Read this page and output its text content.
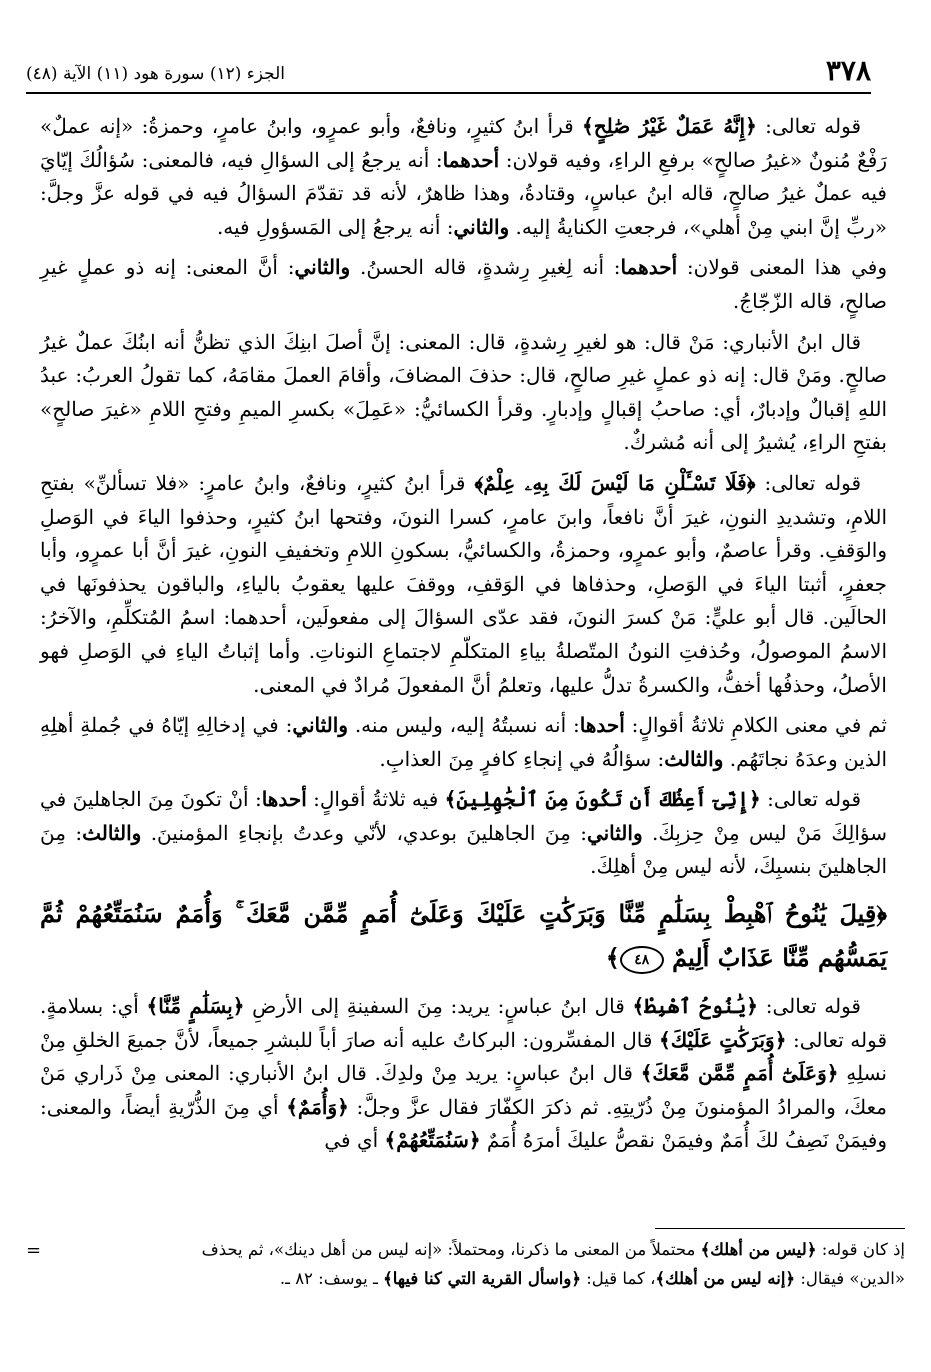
٣٧٨
الجزء (١٢) سورة هود (١١) الآية (٤٨)

قوله تعالى: ﴿إِنَّهُ عَمَلٌ غَيْرُ صَٰلِحٍ﴾ قرأ ابنُ كثيرٍ، ونافعٌ، وأبو عمرٍو، وابنُ عامرٍ، وحمزةُ: «إنه عملٌ» رَفْعٌ مُنونٌ «غيرُ صالحٍ» برفعِ الراءِ، وفيه قولان: أحدهما: أنه يرجعُ إلى السؤالِ فيه، فالمعنى: سُؤالُكَ إيّايَ فيه عملٌ غيرُ صالحٍ، قاله ابنُ عباسٍ، وقتادةُ، وهذا ظاهرٌ، لأنه قد تقدّمَ السؤالُ فيه في قوله عزَّ وجلَّ: «ربِّ إنَّ ابني مِنْ أهلي»، فرجعتِ الكنايةُ إليه. والثاني: أنه يرجعُ إلى المَسؤولِ فيه.

وفي هذا المعنى قولان: أحدهما: أنه لِغيرِ رِشدةٍ، قاله الحسنُ. والثاني: أنَّ المعنى: إنه ذو عملٍ غيرِ صالحٍ، قاله الزّجّاجُ.

قال ابنُ الأنباري: مَنْ قال: هو لغيرِ رِشدةٍ، قال: المعنى: إنَّ أصلَ ابنِكَ الذي تظنُّ أنه ابنُكَ عملٌ غيرُ صالحٍ. ومَنْ قال: إنه ذو عملٍ غيرِ صالحٍ، قال: حذفَ المضافَ، وأقامَ العملَ مقامَهُ، كما تقولُ العربُ: عبدُ اللهِ إقبالٌ وإدبارٌ، أي: صاحبُ إقبالٍ وإدبارٍ. وقرأ الكسائيُّ: «عَمِلَ» بكسرِ الميمِ وفتحِ اللامِ «غيرَ صالحٍ» بفتحِ الراءِ، يُشيرُ إلى أنه مُشركٌ.

قوله تعالى: ﴿فَلَا تَسْـَٔلْنِ مَا لَيْسَ لَكَ بِهِۦ عِلْمٌ﴾ قرأ ابنُ كثيرٍ، ونافعٌ، وابنُ عامرٍ: «فلا تسألنِّ» بفتحِ اللامِ، وتشديدِ النونِ، غيرَ أنَّ نافعاً، وابنَ عامرٍ، كسرا النونَ، وفتحها ابنُ كثيرٍ، وحذفوا الياءَ في الوَصلِ والوَقفِ. وقرأ عاصمٌ، وأبو عمرٍو، وحمزةُ، والكسائيُّ، بسكونِ اللامِ وتخفيفِ النونِ، غيرَ أنَّ أبا عمرٍو، وأبا جعفرٍ، أثبتا الياءَ في الوَصلِ، وحذفاها في الوَقفِ، ووقفَ عليها يعقوبُ بالياءِ، والباقون يحذفونَها في الحالَين. قال أبو عليٍّ: مَنْ كسرَ النونَ، فقد عدّى السؤالَ إلى مفعولَين، أحدهما: اسمُ المُتكلِّمِ، والآخرُ: الاسمُ الموصولُ، وحُذفتِ النونُ المتّصلةُ بياءِ المتكلّمِ لاجتماعِ النوناتِ. وأما إثباتُ الياءِ في الوَصلِ فهو الأصلُ، وحذفُها أخفُّ، والكسرةُ تدلُّ عليها، وتعلمُ أنَّ المفعولَ مُرادٌ في المعنى.

ثم في معنى الكلامِ ثلاثةُ أقوالٍ: أحدها: أنه نسبتُهُ إليه، وليس منه. والثاني: في إدخالِهِ إيّاهُ في جُملةِ أهلِهِ الذين وعدَهُ نجاتَهُم. والثالث: سؤالُهُ في إنجاءِ كافرٍ مِنَ العذابِ.

قوله تعالى: ﴿إِنِّىٓ أَعِظُكَ أَن تَكُونَ مِنَ ٱلْجَٰهِلِينَ﴾ فيه ثلاثةُ أقوالٍ: أحدها: أنْ تكونَ مِنَ الجاهلينَ في سؤالِكَ مَنْ ليس مِنْ حِزبِكَ. والثاني: مِنَ الجاهلينَ بوعدي، لأنّي وعدتُ بإنجاءِ المؤمنينَ. والثالث: مِنَ الجاهلينَ بنسبِكَ، لأنه ليس مِنْ أهلِكَ.

﴿قِيلَ يَٰنُوحُ ٱهْبِطْ بِسَلَٰمٍ مِّنَّا وَبَرَكَٰتٍ عَلَيْكَ وَعَلَىٰٓ أُمَمٍ مِّمَّن مَّعَكَ ۚ وَأُمَمٌ سَنُمَتِّعُهُمْ ثُمَّ يَمَسُّهُم مِّنَّا عَذَابٌ أَلِيمٌ ٤٨﴾

قوله تعالى: ﴿يَٰنُوحُ ٱهْبِطْ﴾ قال ابنُ عباسٍ: يريد: مِنَ السفينةِ إلى الأرضِ ﴿بِسَلَٰمٍ مِّنَّا﴾ أي: بسلامةٍ. قوله تعالى: ﴿وَبَرَكَٰتٍ عَلَيْكَ﴾ قال المفسِّرون: البركاتُ عليه أنه صارَ أباً للبشرِ جميعاً، لأنَّ جميعَ الخلقِ مِنْ نسلِهِ ﴿وَعَلَىٰٓ أُمَمٍ مِّمَّن مَّعَكَ﴾ قال ابنُ عباسٍ: يريد مِنْ ولدِكَ. قال ابنُ الأنباري: المعنى مِنْ ذَراري مَنْ معكَ، والمرادُ المؤمنونَ مِنْ ذُرّيتِهِ. ثم ذكرَ الكفّارَ فقال عزَّ وجلَّ: ﴿وَأُمَمٌ﴾ أي مِنَ الذُّرّيةِ أيضاً، والمعنى: وفيمَنْ نَصِفُ لكَ أُمَمٌ وفيمَنْ نقصُّ عليكَ أمرَهُ أُمَمٌ ﴿سَنُمَتِّعُهُمْ﴾ أي في

=	إذ كان قوله: ﴿ليس من أهلك﴾ محتملاً من المعنى ما ذكرنا، ومحتملاً: «إنه ليس من أهل دينك»، ثم يحذف
«الدين» فيقال: ﴿إنه ليس من أهلك﴾، كما قيل: ﴿واسأل القرية التي كنا فيها﴾ ـ يوسف: ٨٢ ـ.
